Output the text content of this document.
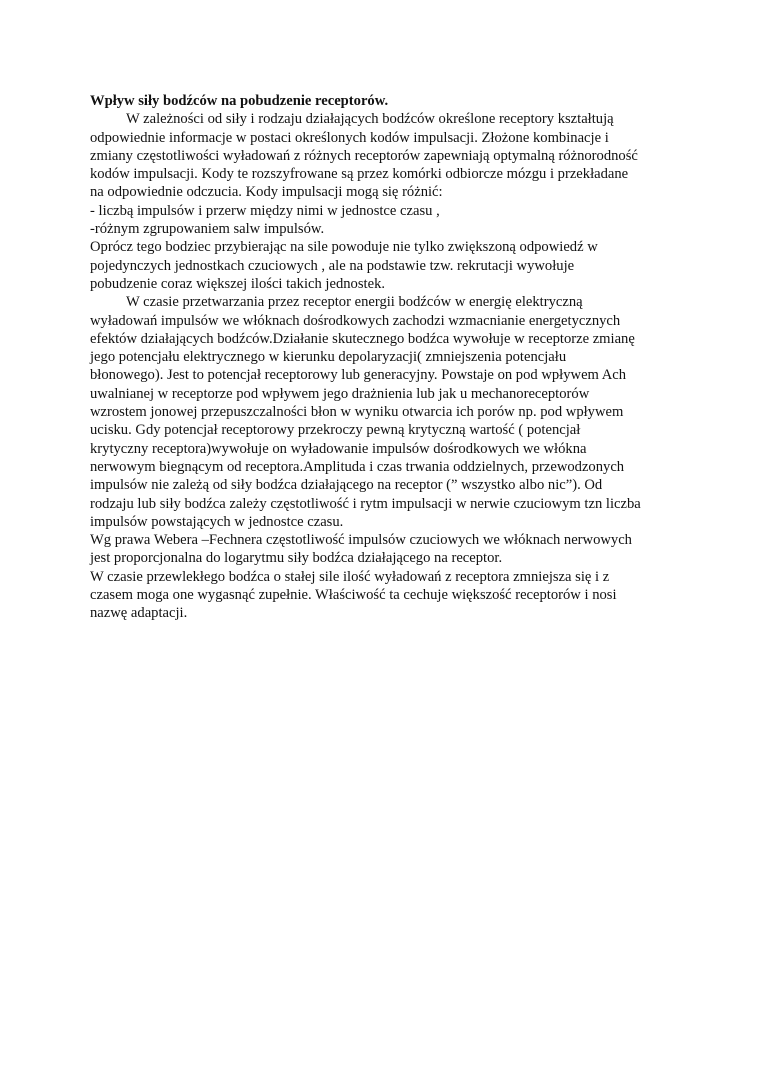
Wpływ siły bodźców na pobudzenie receptorów.

W zależności od siły i rodzaju działających bodźców określone receptory kształtują

odpowiednie informacje w postaci określonych kodów impulsacji. Złożone kombinacje i

zmiany częstotliwości wyładowań z różnych receptorów zapewniają optymalną różnorodność

kodów impulsacji. Kody te rozszyfrowane są przez komórki odbiorcze mózgu i przekładane

na odpowiednie odczucia. Kody impulsacji mogą się różnić:

- liczbą impulsów i przerw między nimi w jednostce czasu ,

-różnym zgrupowaniem salw impulsów.

Oprócz tego bodziec przybierając na sile powoduje nie tylko zwiększoną odpowiedź w

pojedynczych jednostkach czuciowych , ale na podstawie tzw. rekrutacji wywołuje

pobudzenie coraz większej ilości takich jednostek.

W czasie przetwarzania przez receptor energii bodźców w energię elektryczną

wyładowań impulsów we włóknach dośrodkowych zachodzi wzmacnianie energetycznych

efektów działających bodźców.Działanie skutecznego bodźca wywołuje w receptorze zmianę

jego potencjału elektrycznego w kierunku depolaryzacji( zmniejszenia potencjału

błonowego). Jest to potencjał receptorowy lub generacyjny. Powstaje on pod wpływem Ach

uwalnianej w receptorze pod wpływem jego drażnienia lub jak u mechanoreceptorów

wzrostem jonowej przepuszczalności błon w wyniku otwarcia ich porów np. pod wpływem

ucisku. Gdy potencjał receptorowy przekroczy pewną krytyczną wartość ( potencjał

krytyczny receptora)wywołuje on wyładowanie impulsów dośrodkowych we włókna

nerwowym biegnącym od receptora.Amplituda i czas trwania oddzielnych, przewodzonych

impulsów nie zależą od siły bodźca działającego na receptor (” wszystko albo nic”). Od

rodzaju lub siły bodźca zależy częstotliwość i rytm impulsacji w nerwie czuciowym tzn liczba

impulsów powstających w jednostce czasu.

Wg prawa Webera –Fechnera częstotliwość impulsów czuciowych we włóknach nerwowych

jest proporcjonalna do logarytmu siły bodźca działającego na receptor.

W czasie przewlekłego bodźca o stałej sile ilość wyładowań z receptora zmniejsza się i z

czasem moga one wygasnąć zupełnie. Właściwość ta cechuje większość receptorów i nosi

nazwę adaptacji.
